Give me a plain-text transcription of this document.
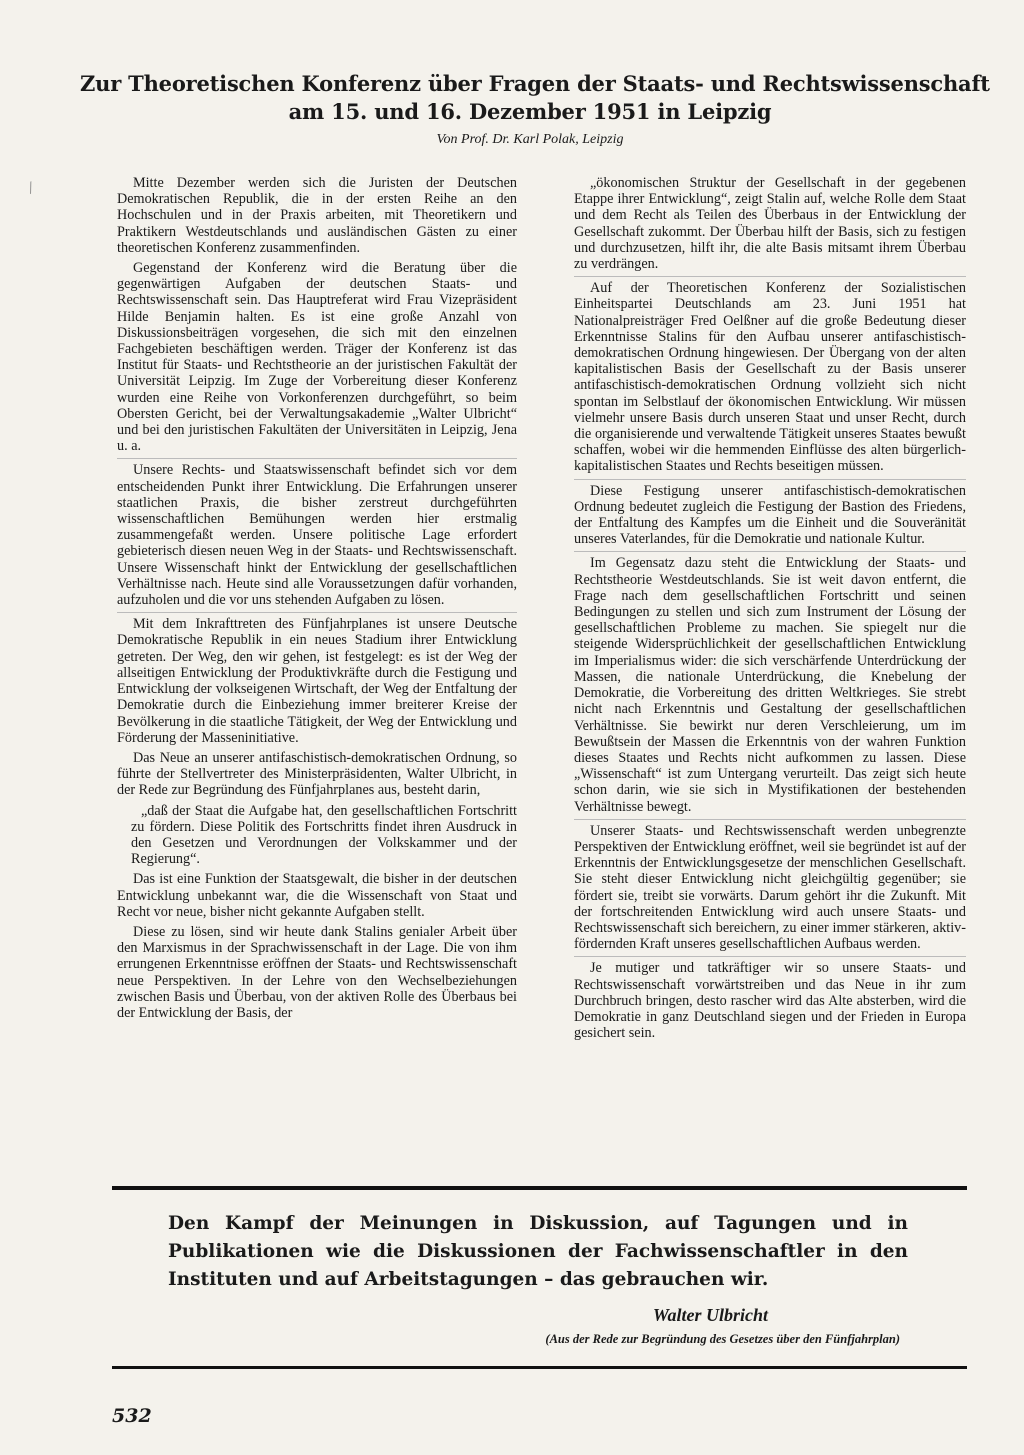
⁄
Zur Theoretischen Konferenz über Fragen der Staats- und Rechtswissenschaft
am 15. und 16. Dezember 1951 in Leipzig
Von Prof. Dr. Karl Polak, Leipzig

Mitte Dezember werden sich die Juristen der Deutschen Demokratischen Republik, die in der ersten Reihe an den Hochschulen und in der Praxis arbeiten, mit Theoretikern und Praktikern Westdeutschlands und ausländischen Gästen zu einer theoretischen Konferenz zusammenfinden.

Gegenstand der Konferenz wird die Beratung über die gegenwärtigen Aufgaben der deutschen Staats- und Rechtswissenschaft sein. Das Hauptreferat wird Frau Vizepräsident Hilde Benjamin halten. Es ist eine große Anzahl von Diskussionsbeiträgen vorgesehen, die sich mit den einzelnen Fachgebieten beschäftigen werden. Träger der Konferenz ist das Institut für Staats- und Rechtstheorie an der juristischen Fakultät der Universität Leipzig. Im Zuge der Vorbereitung dieser Konferenz wurden eine Reihe von Vorkonferenzen durchgeführt, so beim Obersten Gericht, bei der Verwaltungsakademie „Walter Ulbricht“ und bei den juristischen Fakultäten der Universitäten in Leipzig, Jena u. a.

Unsere Rechts- und Staatswissenschaft befindet sich vor dem entscheidenden Punkt ihrer Entwicklung. Die Erfahrungen unserer staatlichen Praxis, die bisher zerstreut durchgeführten wissenschaftlichen Bemühungen werden hier erstmalig zusammengefaßt werden. Unsere politische Lage erfordert gebieterisch diesen neuen Weg in der Staats- und Rechtswissenschaft. Unsere Wissenschaft hinkt der Entwicklung der gesellschaftlichen Verhältnisse nach. Heute sind alle Voraussetzungen dafür vorhanden, aufzuholen und die vor uns stehenden Aufgaben zu lösen.

Mit dem Inkrafttreten des Fünfjahrplanes ist unsere Deutsche Demokratische Republik in ein neues Stadium ihrer Entwicklung getreten. Der Weg, den wir gehen, ist festgelegt: es ist der Weg der allseitigen Entwicklung der Produktivkräfte durch die Festigung und Entwicklung der volkseigenen Wirtschaft, der Weg der Entfaltung der Demokratie durch die Einbeziehung immer breiterer Kreise der Bevölkerung in die staatliche Tätigkeit, der Weg der Entwicklung und Förderung der Masseninitiative.

Das Neue an unserer antifaschistisch-demokratischen Ordnung, so führte der Stellvertreter des Ministerpräsidenten, Walter Ulbricht, in der Rede zur Begründung des Fünfjahrplanes aus, besteht darin,

„daß der Staat die Aufgabe hat, den gesellschaftlichen Fortschritt zu fördern. Diese Politik des Fortschritts findet ihren Ausdruck in den Gesetzen und Verordnungen der Volkskammer und der Regierung“.

Das ist eine Funktion der Staatsgewalt, die bisher in der deutschen Entwicklung unbekannt war, die die Wissenschaft von Staat und Recht vor neue, bisher nicht gekannte Aufgaben stellt.

Diese zu lösen, sind wir heute dank Stalins genialer Arbeit über den Marxismus in der Sprachwissenschaft in der Lage. Die von ihm errungenen Erkenntnisse eröffnen der Staats- und Rechtswissenschaft neue Perspektiven. In der Lehre von den Wechselbeziehungen zwischen Basis und Überbau, von der aktiven Rolle des Überbaus bei der Entwicklung der Basis, der

„ökonomischen Struktur der Gesellschaft in der gegebenen Etappe ihrer Entwicklung“, zeigt Stalin auf, welche Rolle dem Staat und dem Recht als Teilen des Überbaus in der Entwicklung der Gesellschaft zukommt. Der Überbau hilft der Basis, sich zu festigen und durchzusetzen, hilft ihr, die alte Basis mitsamt ihrem Überbau zu verdrängen.

Auf der Theoretischen Konferenz der Sozialistischen Einheitspartei Deutschlands am 23. Juni 1951 hat Nationalpreisträger Fred Oelßner auf die große Bedeutung dieser Erkenntnisse Stalins für den Aufbau unserer antifaschistisch-demokratischen Ordnung hingewiesen. Der Übergang von der alten kapitalistischen Basis der Gesellschaft zu der Basis unserer antifaschistisch-demokratischen Ordnung vollzieht sich nicht spontan im Selbstlauf der ökonomischen Entwicklung. Wir müssen vielmehr unsere Basis durch unseren Staat und unser Recht, durch die organisierende und verwaltende Tätigkeit unseres Staates bewußt schaffen, wobei wir die hemmenden Einflüsse des alten bürgerlich-kapitalistischen Staates und Rechts beseitigen müssen.

Diese Festigung unserer antifaschistisch-demokratischen Ordnung bedeutet zugleich die Festigung der Bastion des Friedens, der Entfaltung des Kampfes um die Einheit und die Souveränität unseres Vaterlandes, für die Demokratie und nationale Kultur.

Im Gegensatz dazu steht die Entwicklung der Staats- und Rechtstheorie Westdeutschlands. Sie ist weit davon entfernt, die Frage nach dem gesellschaftlichen Fortschritt und seinen Bedingungen zu stellen und sich zum Instrument der Lösung der gesellschaftlichen Probleme zu machen. Sie spiegelt nur die steigende Widersprüchlichkeit der gesellschaftlichen Entwicklung im Imperialismus wider: die sich verschärfende Unterdrückung der Massen, die nationale Unterdrückung, die Knebelung der Demokratie, die Vorbereitung des dritten Weltkrieges. Sie strebt nicht nach Erkenntnis und Gestaltung der gesellschaftlichen Verhältnisse. Sie bewirkt nur deren Verschleierung, um im Bewußtsein der Massen die Erkenntnis von der wahren Funktion dieses Staates und Rechts nicht aufkommen zu lassen. Diese „Wissenschaft“ ist zum Untergang verurteilt. Das zeigt sich heute schon darin, wie sie sich in Mystifikationen der bestehenden Verhältnisse bewegt.

Unserer Staats- und Rechtswissenschaft werden unbegrenzte Perspektiven der Entwicklung eröffnet, weil sie begründet ist auf der Erkenntnis der Entwicklungsgesetze der menschlichen Gesellschaft. Sie steht dieser Entwicklung nicht gleichgültig gegenüber; sie fördert sie, treibt sie vorwärts. Darum gehört ihr die Zukunft. Mit der fortschreitenden Entwicklung wird auch unsere Staats- und Rechtswissenschaft sich bereichern, zu einer immer stärkeren, aktiv-fördernden Kraft unseres gesellschaftlichen Aufbaus werden.

Je mutiger und tatkräftiger wir so unsere Staats- und Rechtswissenschaft vorwärtstreiben und das Neue in ihr zum Durchbruch bringen, desto rascher wird das Alte absterben, wird die Demokratie in ganz Deutschland siegen und der Frieden in Europa gesichert sein.

Den Kampf der Meinungen in Diskussion, auf Tagungen und in Publikationen wie die Diskussionen der Fachwissenschaftler in den Instituten und auf Arbeitstagungen – das gebrauchen wir.
Walter Ulbricht
(Aus der Rede zur Begründung des Gesetzes über den Fünfjahrplan)
532
